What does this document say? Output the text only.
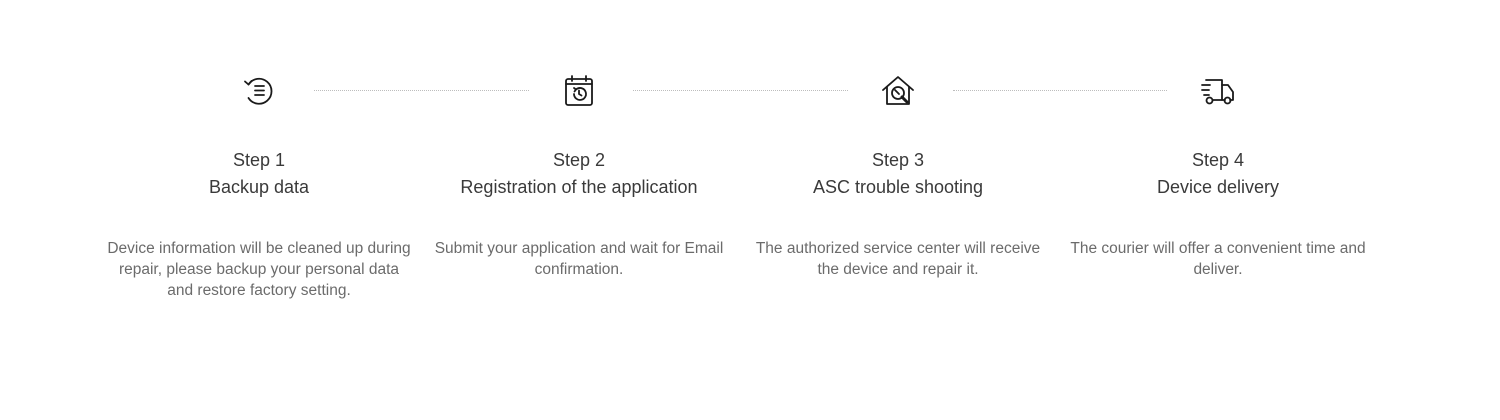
Step 1
Backup data
Device information will be cleaned up during repair, please backup your personal data and restore factory setting.
Step 2
Registration of the application
Submit your application and wait for Email confirmation.
Step 3
ASC trouble shooting
The authorized service center will receive the device and repair it.
Step 4
Device delivery
The courier will offer a convenient time and deliver.
